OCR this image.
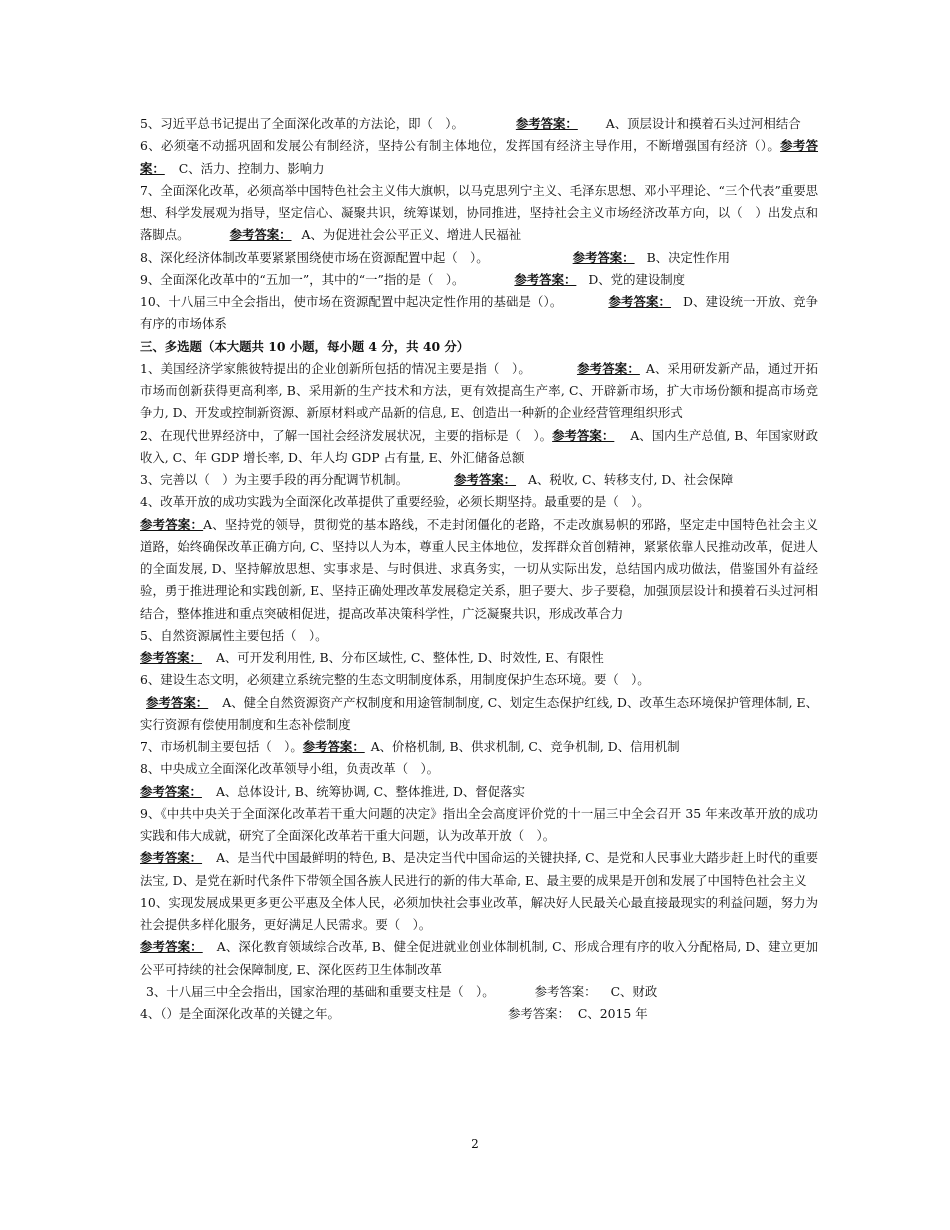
5、习近平总书记提出了全面深化改革的方法论，即（　）。	参考答案： A、顶层设计和摸着石头过河相结合

6、必须毫不动摇巩固和发展公有制经济，坚持公有制主体地位，发挥国有经济主导作用，不断增强国有经济（）。参考答案： C、活力、控制力、影响力

7、全面深化改革，必须高举中国特色社会主义伟大旗帜，以马克思列宁主义、毛泽东思想、邓小平理论、“三个代表”重要思想、科学发展观为指导，坚定信心、凝聚共识，统筹谋划，协同推进，坚持社会主义市场经济改革方向，以（　）出发点和落脚点。	参考答案： A、为促进社会公平正义、增进人民福祉

8、深化经济体制改革要紧紧围绕使市场在资源配置中起（　）。	参考答案： B、决定性作用

9、全面深化改革中的“五加一”，其中的“一”指的是（　）。	参考答案： D、党的建设制度

10、十八届三中全会指出，使市场在资源配置中起决定性作用的基础是（）。	参考答案： D、建设统一开放、竞争有序的市场体系

三、多选题（本大题共 10 小题，每小题 4 分，共 40 分）

1、美国经济学家熊彼特提出的企业创新所包括的情况主要是指（　）。	参考答案： A、采用研发新产品，通过开拓市场而创新获得更高利率, B、采用新的生产技术和方法，更有效提高生产率, C、开辟新市场，扩大市场份额和提高市场竞争力, D、开发或控制新资源、新原材料或产品新的信息, E、创造出一种新的企业经营管理组织形式

2、在现代世界经济中，了解一国社会经济发展状况，主要的指标是（　）。参考答案： A、国内生产总值, B、年国家财政收入, C、年 GDP 增长率, D、年人均 GDP 占有量, E、外汇储备总额

3、完善以（　）为主要手段的再分配调节机制。	参考答案： A、税收, C、转移支付, D、社会保障

4、改革开放的成功实践为全面深化改革提供了重要经验，必须长期坚持。最重要的是（　）。
参考答案：A、坚持党的领导，贯彻党的基本路线，不走封闭僵化的老路，不走改旗易帜的邪路，坚定走中国特色社会主义道路，始终确保改革正确方向, C、坚持以人为本，尊重人民主体地位，发挥群众首创精神，紧紧依靠人民推动改革，促进人的全面发展, D、坚持解放思想、实事求是、与时俱进、求真务实，一切从实际出发，总结国内成功做法，借鉴国外有益经验，勇于推进理论和实践创新, E、坚持正确处理改革发展稳定关系，胆子要大、步子要稳，加强顶层设计和摸着石头过河相结合，整体推进和重点突破相促进，提高改革决策科学性，广泛凝聚共识，形成改革合力

5、自然资源属性主要包括（　）。
参考答案： A、可开发利用性, B、分布区域性, C、整体性, D、时效性, E、有限性

6、建设生态文明，必须建立系统完整的生态文明制度体系，用制度保护生态环境。要（　）。
参考答案： A、健全自然资源资产产权制度和用途管制制度, C、划定生态保护红线, D、改革生态环境保护管理体制, E、实行资源有偿使用制度和生态补偿制度

7、市场机制主要包括（　）。参考答案： A、价格机制, B、供求机制, C、竞争机制, D、信用机制

8、中央成立全面深化改革领导小组，负责改革（　）。
参考答案： A、总体设计, B、统筹协调, C、整体推进, D、督促落实

9、《中共中央关于全面深化改革若干重大问题的决定》指出全会高度评价党的十一届三中全会召开 35 年来改革开放的成功实践和伟大成就，研究了全面深化改革若干重大问题，认为改革开放（　）。
参考答案： A、是当代中国最鲜明的特色, B、是决定当代中国命运的关键抉择, C、是党和人民事业大踏步赶上时代的重要法宝, D、是党在新时代条件下带领全国各族人民进行的新的伟大革命, E、最主要的成果是开创和发展了中国特色社会主义

10、实现发展成果更多更公平惠及全体人民，必须加快社会事业改革，解决好人民最关心最直接最现实的利益问题，努力为社会提供多样化服务，更好满足人民需求。要（　）。
参考答案： A、深化教育领域综合改革, B、健全促进就业创业体制机制, C、形成合理有序的收入分配格局, D、建立更加公平可持续的社会保障制度, E、深化医药卫生体制改革

3、十八届三中全会指出，国家治理的基础和重要支柱是（　）。	参考答案： C、财政

4、（）是全面深化改革的关键之年。	参考答案： C、2015 年

2
